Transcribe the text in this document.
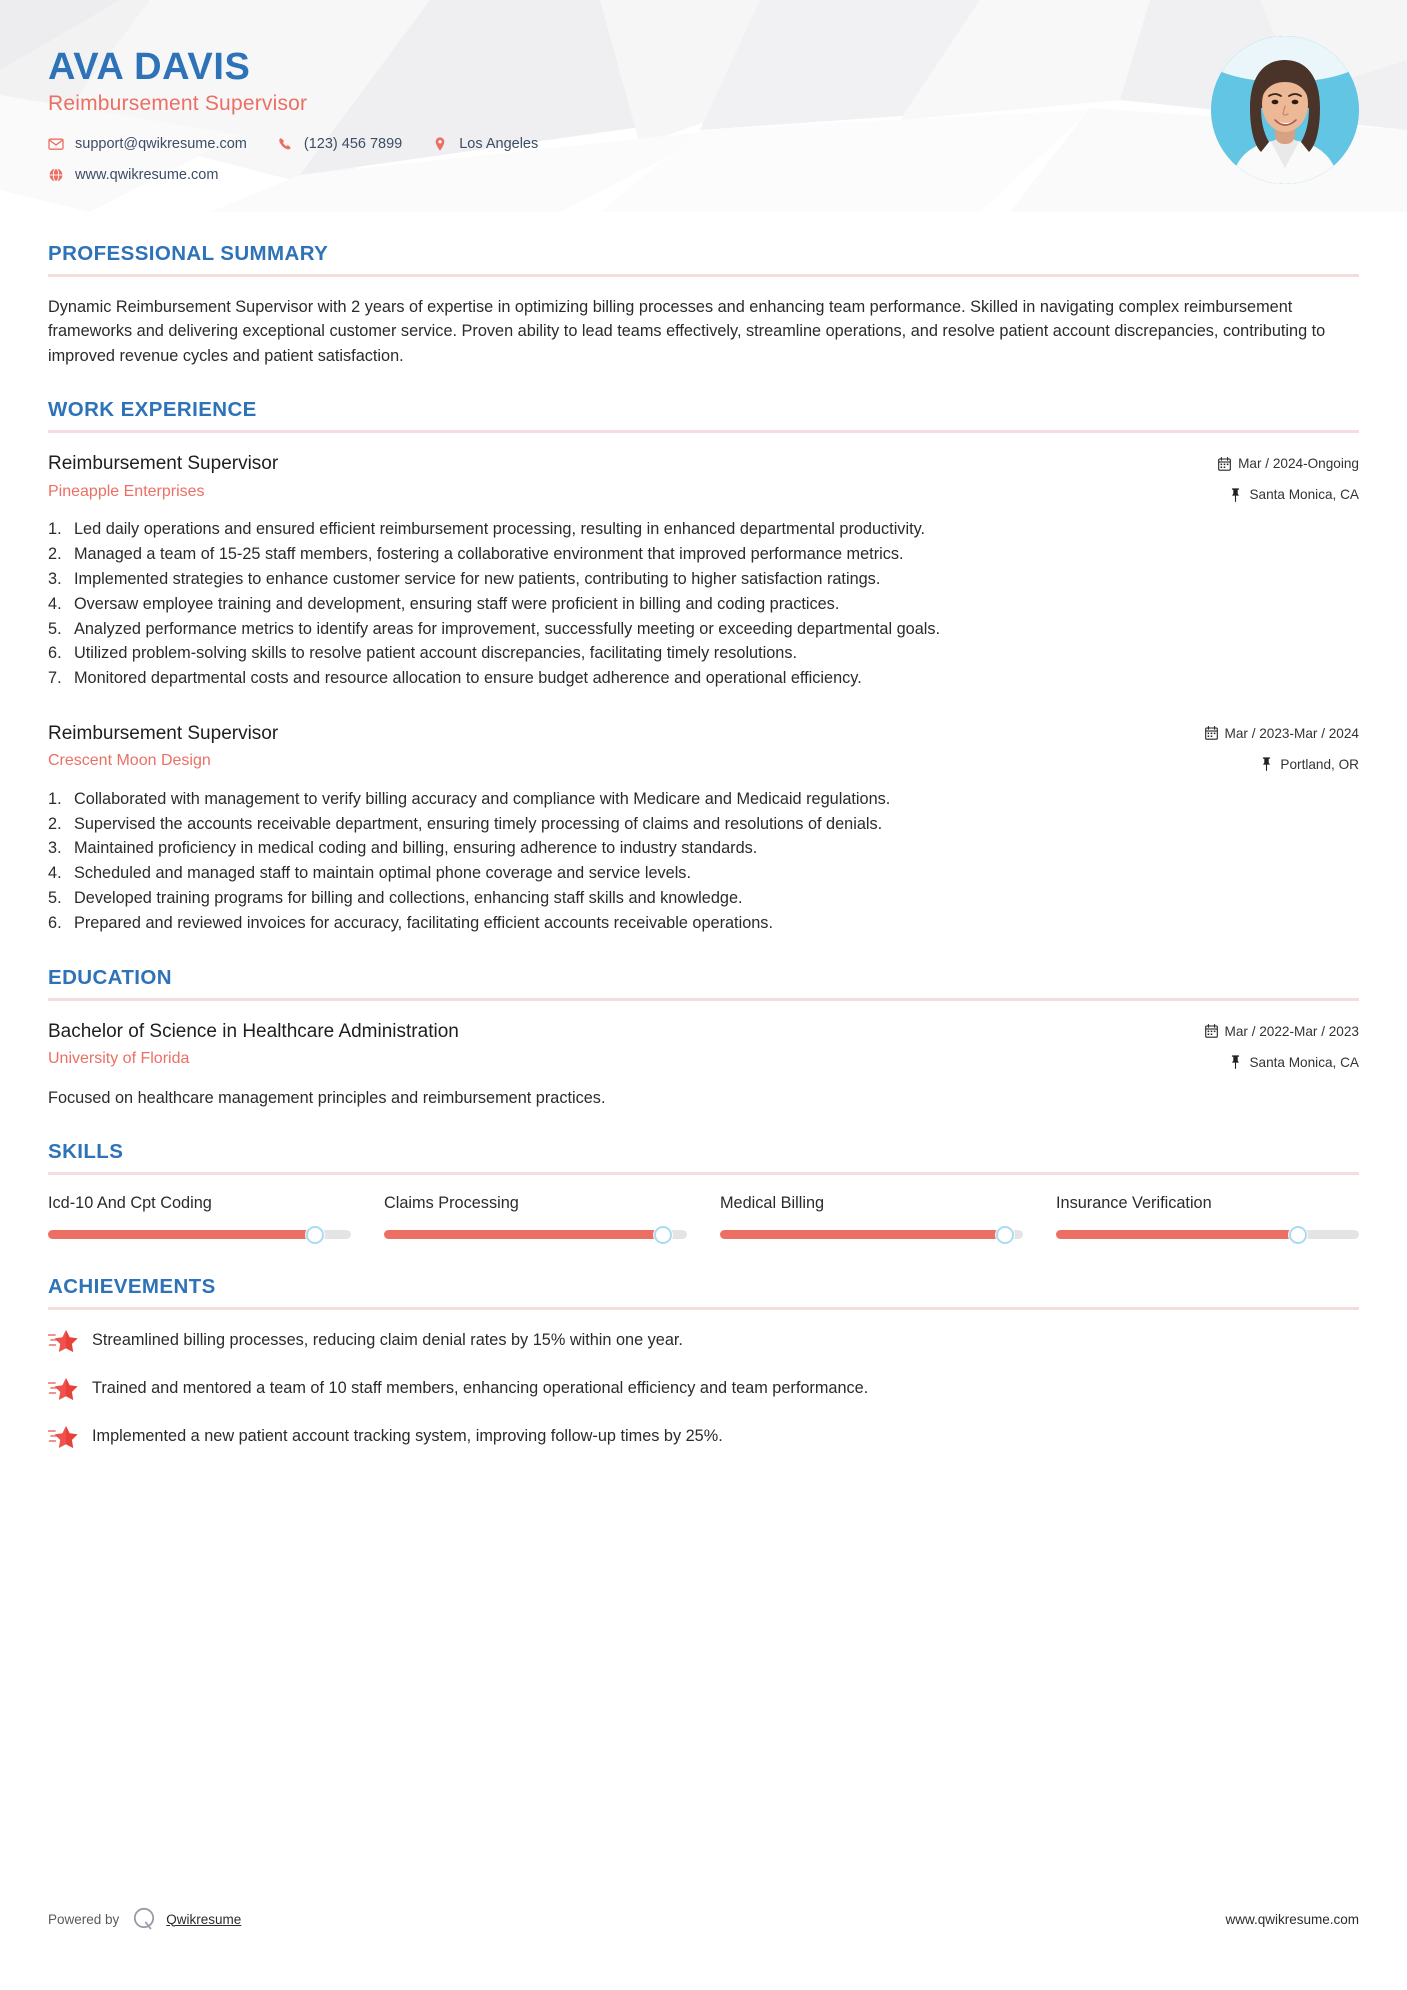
AVA DAVIS
Reimbursement Supervisor
support@qwikresume.com	(123) 456 7899	Los Angeles
www.qwikresume.com
PROFESSIONAL SUMMARY
Dynamic Reimbursement Supervisor with 2 years of expertise in optimizing billing processes and enhancing team performance. Skilled in navigating complex reimbursement frameworks and delivering exceptional customer service. Proven ability to lead teams effectively, streamline operations, and resolve patient account discrepancies, contributing to improved revenue cycles and patient satisfaction.
WORK EXPERIENCE
Reimbursement Supervisor
Pineapple Enterprises
Mar / 2024-Ongoing
Santa Monica, CA
Led daily operations and ensured efficient reimbursement processing, resulting in enhanced departmental productivity.
Managed a team of 15-25 staff members, fostering a collaborative environment that improved performance metrics.
Implemented strategies to enhance customer service for new patients, contributing to higher satisfaction ratings.
Oversaw employee training and development, ensuring staff were proficient in billing and coding practices.
Analyzed performance metrics to identify areas for improvement, successfully meeting or exceeding departmental goals.
Utilized problem-solving skills to resolve patient account discrepancies, facilitating timely resolutions.
Monitored departmental costs and resource allocation to ensure budget adherence and operational efficiency.
Reimbursement Supervisor
Crescent Moon Design
Mar / 2023-Mar / 2024
Portland, OR
Collaborated with management to verify billing accuracy and compliance with Medicare and Medicaid regulations.
Supervised the accounts receivable department, ensuring timely processing of claims and resolutions of denials.
Maintained proficiency in medical coding and billing, ensuring adherence to industry standards.
Scheduled and managed staff to maintain optimal phone coverage and service levels.
Developed training programs for billing and collections, enhancing staff skills and knowledge.
Prepared and reviewed invoices for accuracy, facilitating efficient accounts receivable operations.
EDUCATION
Bachelor of Science in Healthcare Administration
University of Florida
Mar / 2022-Mar / 2023
Santa Monica, CA
Focused on healthcare management principles and reimbursement practices.
SKILLS
Icd-10 And Cpt Coding	Claims Processing	Medical Billing	Insurance Verification
ACHIEVEMENTS
Streamlined billing processes, reducing claim denial rates by 15% within one year.
Trained and mentored a team of 10 staff members, enhancing operational efficiency and team performance.
Implemented a new patient account tracking system, improving follow-up times by 25%.
Powered by	Qwikresume	www.qwikresume.com
